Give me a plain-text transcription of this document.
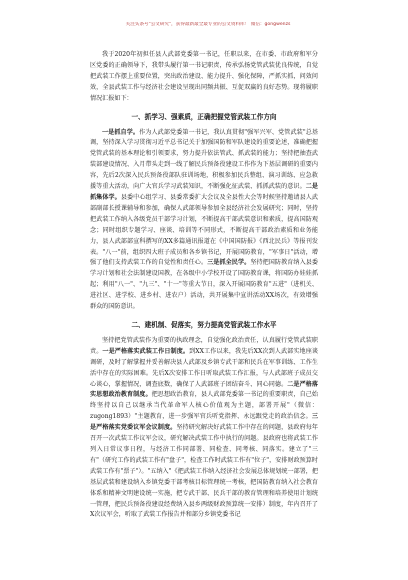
关注头条号"公文研究"，获得最新最全最专业的公文资料库！ 微信：gongwenzs

我于2020年初担任县人武部党委第一书记，任职以来，在市委、市政府和军分区党委的正确领导下，我带头履行第一书记职责，传承弘扬党管武装优良传统，自觉把武装工作摆上重要位置，突出政治建设、能力提升、强化保障，严抓实抓，问效问效，全县武装工作与经济社会建设呈现出同频共振、互促双赢的良好态势。现将履职情况汇报如下：

一、抓学习、强素质，正确把握党管武装工作方向

一是抓自学。作为人武部党委第一书记，我认真贯彻"强军兴军、党管武装"总基调，坚持深入学习贯彻习近平总书记关于加强国防和军队建设的重要论述，准确把握党管武装的基本理论和引领要求，努力提升依法管武、抓武装的能力；坚持把抽查武装部建设情况、入月带头走到一线了解民兵预备役建设工作作为下基层调研的重要内容，先后2次深入民兵预备役部队驻训场地，积极参加民兵整组、演习训练、应急救援等重大活动，向广大官兵学习武装知识，不断强化征武装、抓抓武装的意识。二是抓集体学。县委中心组学习、县委常委扩大会议及全县性大会等时候坚持邀请县人武部副部长授课辅导和参加，确保人武部领导参加全县经济社会发展研究；同时，坚持把武装工作纳入各级党员干部学习计划，不断提高干部武装意识和素质，提高国防观念；同时组织专题学习、座谈、培训等不同形式，不断提高干部政治素质和业务能力，县人武部部宣科撰写的XX多篇通讯报道在《中国国防报》《西北民兵》等报刊发表。"八一"前，组织四大班子成员和各乡镇书记，开展国防教育，"军事日"活动，增强了他们支持武装工作的自觉性和责任心。三是抓全民学。坚持把国防教育纳入县委学习计划和社会法制建设国教，在各级中小学校开设了国防教育课，将国防办娃娃抓起；利用"八一"、"九三"、"十一"等重大节日，深入开展国防教育"五进"（进机关、进社区、进学校、进乡村、进农户）活动，共开展集中宣讲活动XX场次，有效增强群众的国防意识。

二、建机制、促落实，努力提高党管武装工作水平

坚持把党管武装作为重要的执政理念，自觉强化政治责任，认真履行党管武装职责。一是严格落实武装工作日制度。到XX工作以来，我先后XX次到人武部实地座谈调研，及时了解掌握并妥善解决县人武部及乡镇专武干部和民兵在军事训练、工作生活中存在的实际困难。先后X次安排工作日听取武装工作汇报，与人武部班子成员交心谈心，掌握情况，调查底数，确保了人武部班子团结奋斗、同心同德。二是严格落实思想政治教育制度。把思想政治教育，县人武部党委第一书记的重要职责，自己始终坚持以自己以继承当代革命军人核心价值观为主题，部署开展"（微信：zugong1893）"主题教育，进一步强军官兵听党指挥、永远跟党走的政治信念。三是严格落实党委议军会议制度。坚持研究解决好武装工作中存在的问题，县政府每年召开一次武装工作议军会议，研究解决武装工作中执行的问题。县政府也将武装工作列入日常议事日程，与经济工作同部署、同检查、同考核、同落实。建立了"三有"（研究工作的武装工作有"盘子"，检查工作时武装工作有"位子"，安排财政预算时武装工作有"票子"）。"五纳入"《把武装工作纳入经济社会发展总体规划统一部署，把基层武装和建设纳入乡镇党委干部考核目标管理统一考核，把国防教育纳入社会教育体系和精神文明建设统一实施，把专武干部、民兵干部的教育管理和培养使用计划统一管理，把民兵预备役建设经费纳入县乡两级财政预算统一安排）制度，年内召开了X次议军会，听取了武装工作报告并和部分乡镇党委书记
